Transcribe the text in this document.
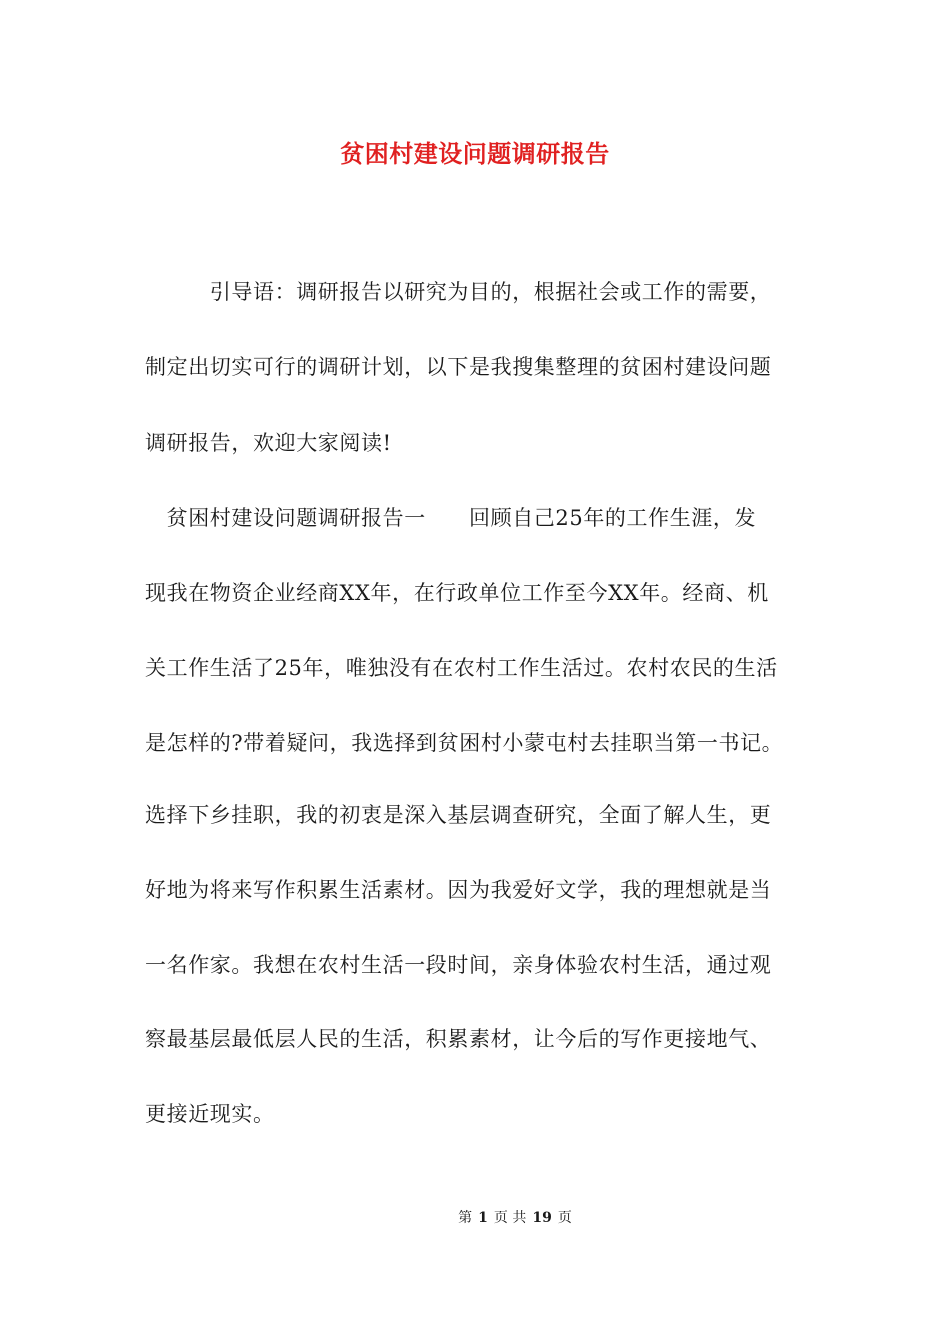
贫困村建设问题调研报告
　　　引导语：调研报告以研究为目的，根据社会或工作的需要，
制定出切实可行的调研计划，以下是我搜集整理的贫困村建设问题
调研报告，欢迎大家阅读!
　贫困村建设问题调研报告一　　回顾自己25年的工作生涯，发
现我在物资企业经商XX年，在行政单位工作至今XX年。经商、机
关工作生活了25年，唯独没有在农村工作生活过。农村农民的生活
是怎样的?带着疑问，我选择到贫困村小蒙屯村去挂职当第一书记。
选择下乡挂职，我的初衷是深入基层调查研究，全面了解人生，更
好地为将来写作积累生活素材。因为我爱好文学，我的理想就是当
一名作家。我想在农村生活一段时间，亲身体验农村生活，通过观
察最基层最低层人民的生活，积累素材，让今后的写作更接地气、
更接近现实。
第 1 页 共 19 页
